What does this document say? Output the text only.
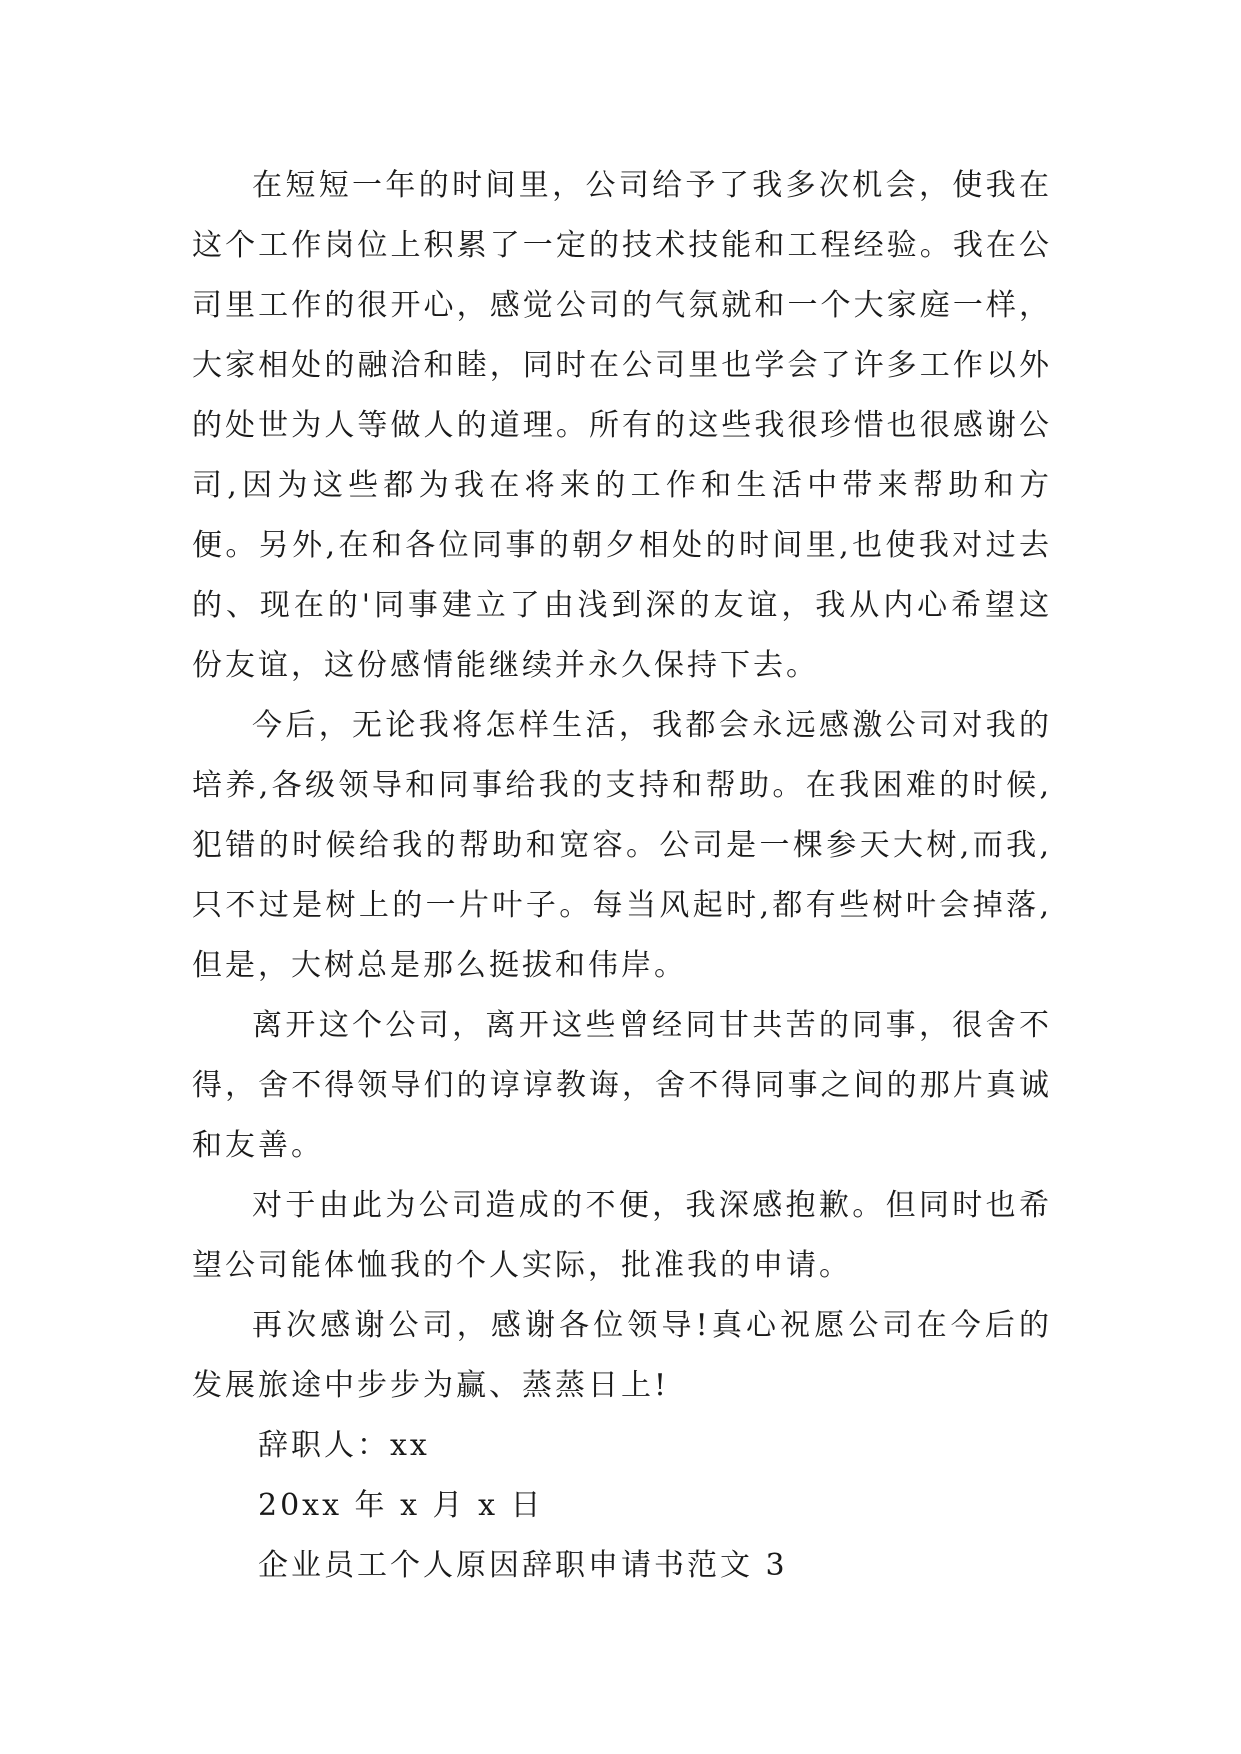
在短短一年的时间里，公司给予了我多次机会，使我在这个工作岗位上积累了一定的技术技能和工程经验。我在公司里工作的很开心，感觉公司的气氛就和一个大家庭一样，大家相处的融洽和睦，同时在公司里也学会了许多工作以外的处世为人等做人的道理。所有的这些我很珍惜也很感谢公司,因为这些都为我在将来的工作和生活中带来帮助和方便。另外,在和各位同事的朝夕相处的时间里,也使我对过去的、现在的'同事建立了由浅到深的友谊，我从内心希望这份友谊，这份感情能继续并永久保持下去。

今后，无论我将怎样生活，我都会永远感激公司对我的培养,各级领导和同事给我的支持和帮助。在我困难的时候,犯错的时候给我的帮助和宽容。公司是一棵参天大树,而我,只不过是树上的一片叶子。每当风起时,都有些树叶会掉落,但是，大树总是那么挺拔和伟岸。

离开这个公司，离开这些曾经同甘共苦的同事，很舍不得，舍不得领导们的谆谆教诲，舍不得同事之间的那片真诚和友善。

对于由此为公司造成的不便，我深感抱歉。但同时也希望公司能体恤我的个人实际，批准我的申请。

再次感谢公司，感谢各位领导!真心祝愿公司在今后的发展旅途中步步为赢、蒸蒸日上!

辞职人：xx

20xx 年 x 月 x 日

企业员工个人原因辞职申请书范文 3
